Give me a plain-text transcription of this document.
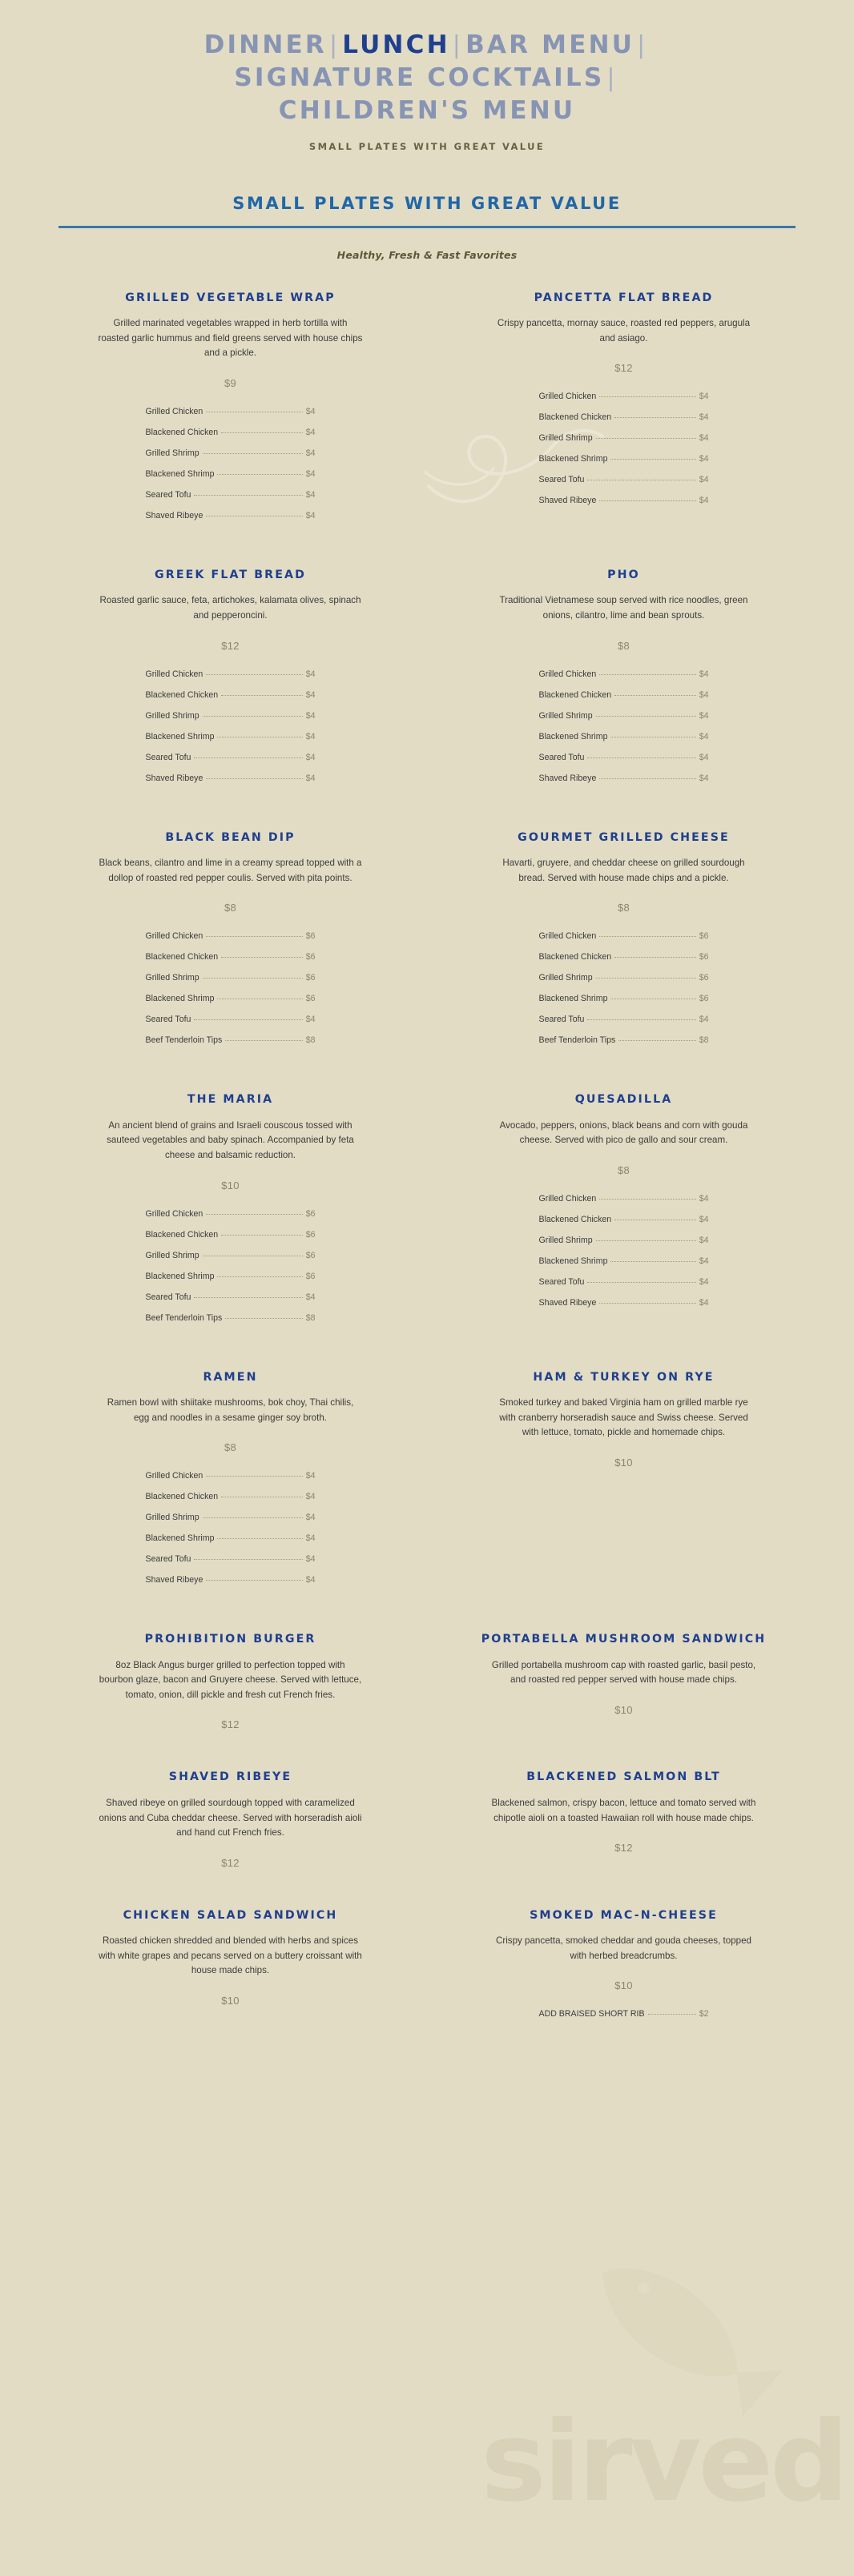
sirved
DINNER |LUNCH |BAR MENU |
SIGNATURE COCKTAILS |
CHILDREN'S MENU
SMALL PLATES WITH GREAT VALUE
SMALL PLATES WITH GREAT VALUE
Healthy, Fresh & Fast Favorites
GRILLED VEGETABLE WRAP
Grilled marinated vegetables wrapped in herb tortilla with roasted garlic hummus and field greens served with house chips and a pickle.
$9
Grilled Chicken	$4
Blackened Chicken	$4
Grilled Shrimp	$4
Blackened Shrimp	$4
Seared Tofu	$4
Shaved Ribeye	$4
PANCETTA FLAT BREAD
Crispy pancetta, mornay sauce, roasted red peppers, arugula and asiago.
$12
Grilled Chicken	$4
Blackened Chicken	$4
Grilled Shrimp	$4
Blackened Shrimp	$4
Seared Tofu	$4
Shaved Ribeye	$4
GREEK FLAT BREAD
Roasted garlic sauce, feta, artichokes, kalamata olives, spinach and pepperoncini.
$12
Grilled Chicken	$4
Blackened Chicken	$4
Grilled Shrimp	$4
Blackened Shrimp	$4
Seared Tofu	$4
Shaved Ribeye	$4
PHO
Traditional Vietnamese soup served with rice noodles, green onions, cilantro, lime and bean sprouts.
$8
Grilled Chicken	$4
Blackened Chicken	$4
Grilled Shrimp	$4
Blackened Shrimp	$4
Seared Tofu	$4
Shaved Ribeye	$4
BLACK BEAN DIP
Black beans, cilantro and lime in a creamy spread topped with a dollop of roasted red pepper coulis. Served with pita points.
$8
Grilled Chicken	$6
Blackened Chicken	$6
Grilled Shrimp	$6
Blackened Shrimp	$6
Seared Tofu	$4
Beef Tenderloin Tips	$8
GOURMET GRILLED CHEESE
Havarti, gruyere, and cheddar cheese on grilled sourdough bread. Served with house made chips and a pickle.
$8
Grilled Chicken	$6
Blackened Chicken	$6
Grilled Shrimp	$6
Blackened Shrimp	$6
Seared Tofu	$4
Beef Tenderloin Tips	$8
THE MARIA
An ancient blend of grains and Israeli couscous tossed with sauteed vegetables and baby spinach. Accompanied by feta cheese and balsamic reduction.
$10
Grilled Chicken	$6
Blackened Chicken	$6
Grilled Shrimp	$6
Blackened Shrimp	$6
Seared Tofu	$4
Beef Tenderloin Tips	$8
QUESADILLA
Avocado, peppers, onions, black beans and corn with gouda cheese. Served with pico de gallo and sour cream.
$8
Grilled Chicken	$4
Blackened Chicken	$4
Grilled Shrimp	$4
Blackened Shrimp	$4
Seared Tofu	$4
Shaved Ribeye	$4
RAMEN
Ramen bowl with shiitake mushrooms, bok choy, Thai chilis, egg and noodles in a sesame ginger soy broth.
$8
Grilled Chicken	$4
Blackened Chicken	$4
Grilled Shrimp	$4
Blackened Shrimp	$4
Seared Tofu	$4
Shaved Ribeye	$4
HAM & TURKEY ON RYE
Smoked turkey and baked Virginia ham on grilled marble rye with cranberry horseradish sauce and Swiss cheese. Served with lettuce, tomato, pickle and homemade chips.
$10
PROHIBITION BURGER
8oz Black Angus burger grilled to perfection topped with bourbon glaze, bacon and Gruyere cheese. Served with lettuce, tomato, onion, dill pickle and fresh cut French fries.
$12
PORTABELLA MUSHROOM SANDWICH
Grilled portabella mushroom cap with roasted garlic, basil pesto, and roasted red pepper served with house made chips.
$10
SHAVED RIBEYE
Shaved ribeye on grilled sourdough topped with caramelized onions and Cuba cheddar cheese. Served with horseradish aioli and hand cut French fries.
$12
BLACKENED SALMON BLT
Blackened salmon, crispy bacon, lettuce and tomato served with chipotle aioli on a toasted Hawaiian roll with house made chips.
$12
CHICKEN SALAD SANDWICH
Roasted chicken shredded and blended with herbs and spices with white grapes and pecans served on a buttery croissant with house made chips.
$10
SMOKED MAC-N-CHEESE
Crispy pancetta, smoked cheddar and gouda cheeses, topped with herbed breadcrumbs.
$10
ADD BRAISED SHORT RIB	$2
